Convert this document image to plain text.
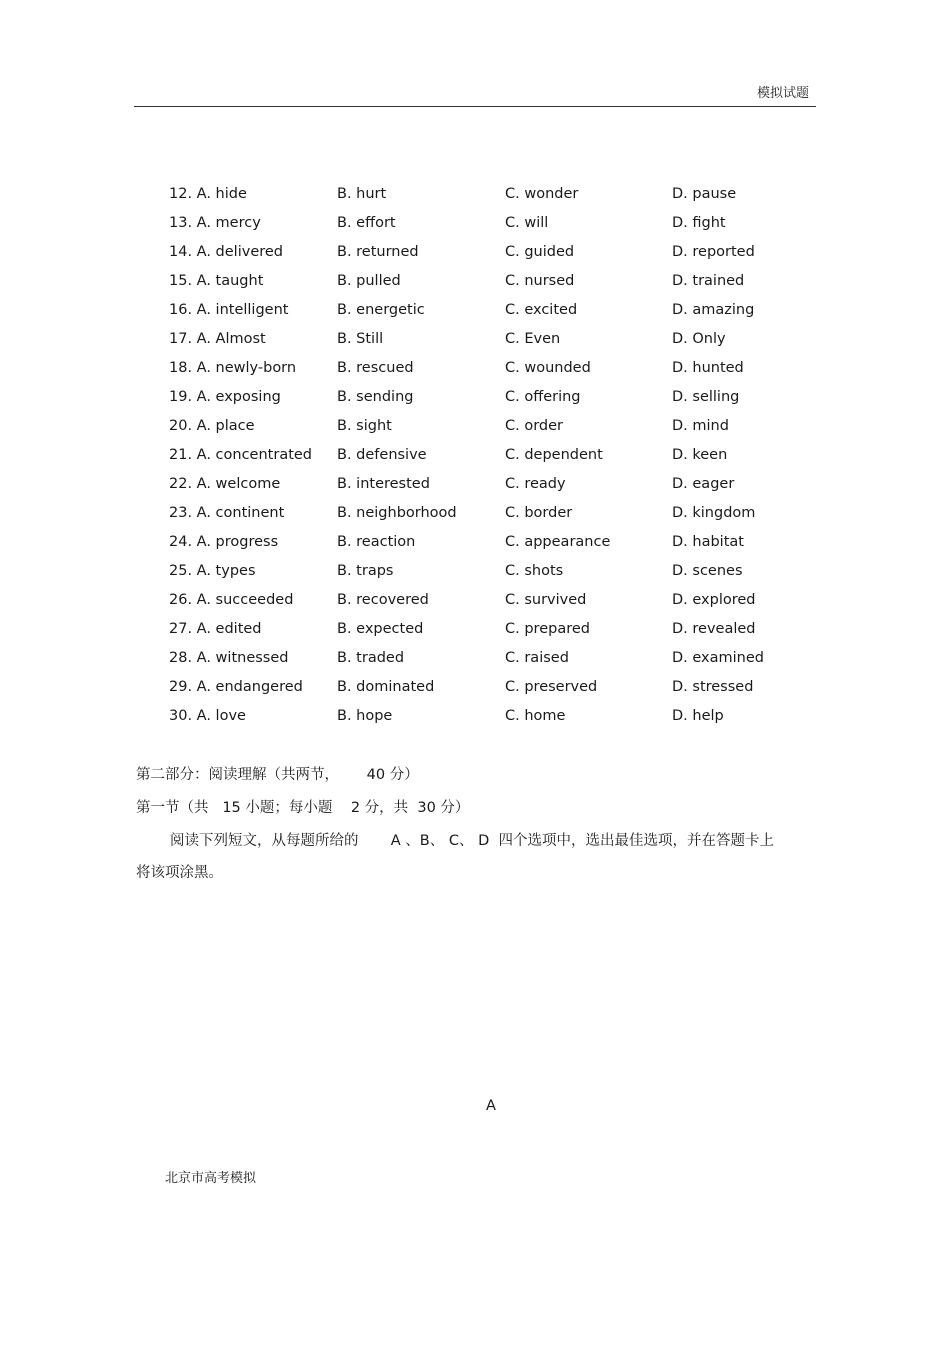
模拟试题
12. A. hide	B. hurt	C. wonder	D. pause
13. A. mercy	B. effort	C. will	D. fight
14. A. delivered	B. returned	C. guided	D. reported
15. A. taught	B. pulled	C. nursed	D. trained
16. A. intelligent	B. energetic	C. excited	D. amazing
17. A. Almost	B. Still	C. Even	D. Only
18. A. newly-born	B. rescued	C. wounded	D. hunted
19. A. exposing	B. sending	C. offering	D. selling
20. A. place	B. sight	C. order	D. mind
21. A. concentrated B. defensive	C. dependent	D. keen
22. A. welcome	B. interested	C. ready	D. eager
23. A. continent	B. neighborhood	C. border	D. kingdom
24. A. progress	B. reaction	C. appearance	D. habitat
25. A. types	B. traps	C. shots	D. scenes
26. A. succeeded	B. recovered	C. survived	D. explored
27. A. edited	B. expected	C. prepared	D. revealed
28. A. witnessed	B. traded	C. raised	D. examined
29. A. endangered B. dominated	C. preserved	D. stressed
30. A. love	B. hope	C. home	D. help
第二部分：阅读理解（共两节，      40 分）
第一节（共   15 小题；每小题    2 分，共  30 分）
阅读下列短文，从每题所给的       A 、B、 C、 D  四个选项中，选出最佳选项，并在答题卡上
将该项涂黑。
A
北京市高考模拟
